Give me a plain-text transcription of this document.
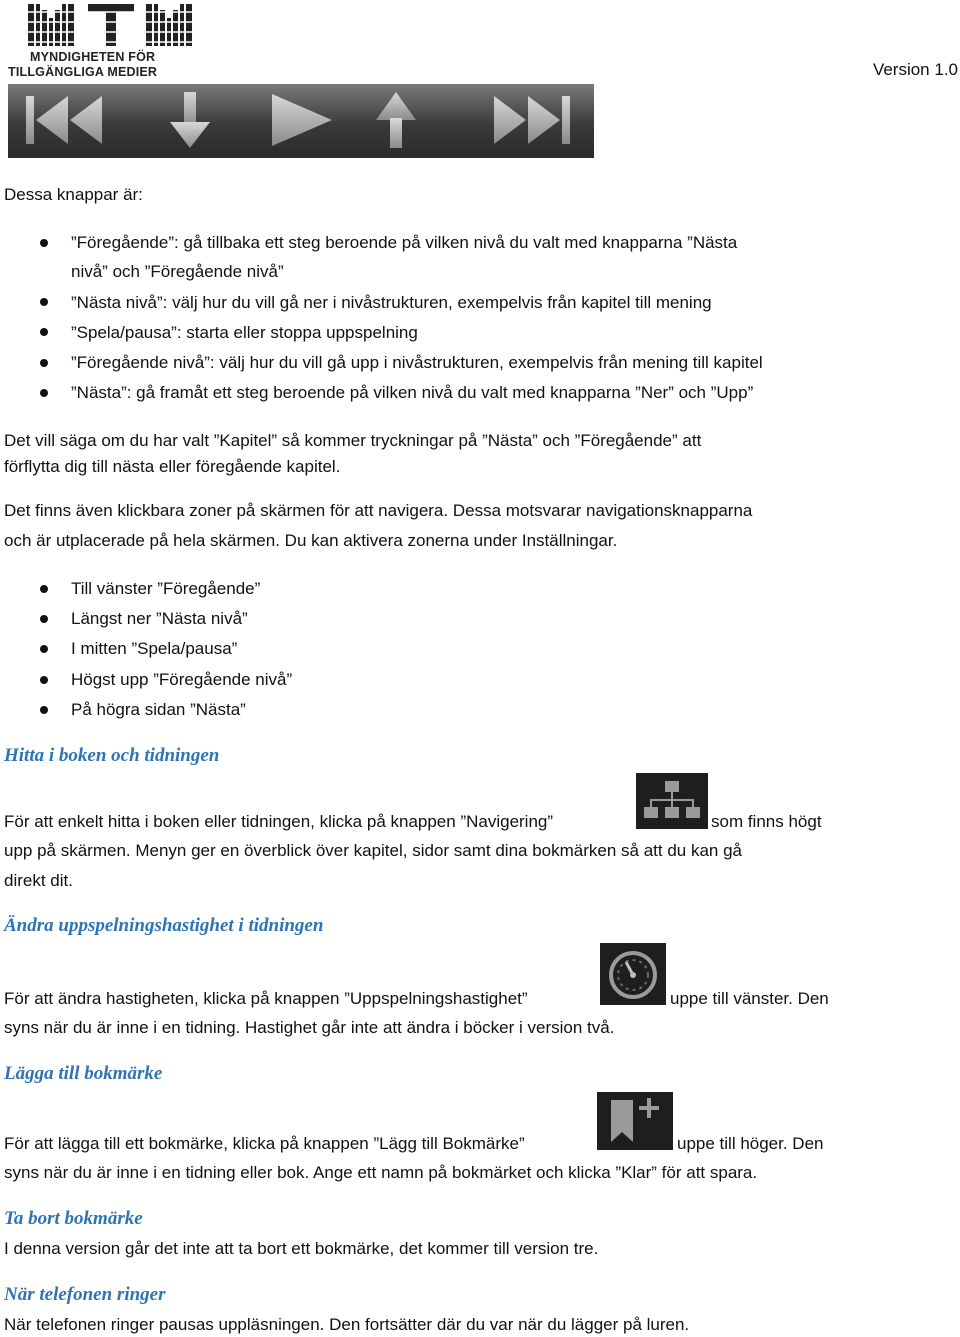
MYNDIGHETEN FÖR
TILLGÄNGLIGA MEDIER	Version 1.0
Dessa knappar är:
”Föregående”: gå tillbaka ett steg beroende på vilken nivå du valt med knapparna ”Nästa
nivå” och ”Föregående nivå”
”Nästa nivå”: välj hur du vill gå ner i nivåstrukturen, exempelvis från kapitel till mening
”Spela/pausa”: starta eller stoppa uppspelning
”Föregående nivå”: välj hur du vill gå upp i nivåstrukturen, exempelvis från mening till kapitel
”Nästa”: gå framåt ett steg beroende på vilken nivå du valt med knapparna ”Ner” och ”Upp”
Det vill säga om du har valt ”Kapitel” så kommer tryckningar på ”Nästa” och ”Föregående” att
förflytta dig till nästa eller föregående kapitel.
Det finns även klickbara zoner på skärmen för att navigera. Dessa motsvarar navigationsknapparna
och är utplacerade på hela skärmen. Du kan aktivera zonerna under Inställningar.
Till vänster ”Föregående”
Längst ner ”Nästa nivå”
I mitten ”Spela/pausa”
Högst upp ”Föregående nivå”
På högra sidan ”Nästa”
Hitta i boken och tidningen
För att enkelt hitta i boken eller tidningen, klicka på knappen ”Navigering”	som finns högt
upp på skärmen. Menyn ger en överblick över kapitel, sidor samt dina bokmärken så att du kan gå
direkt dit.
Ändra uppspelningshastighet i tidningen
För att ändra hastigheten, klicka på knappen ”Uppspelningshastighet”	uppe till vänster. Den
syns när du är inne i en tidning. Hastighet går inte att ändra i böcker i version två.
Lägga till bokmärke
För att lägga till ett bokmärke, klicka på knappen ”Lägg till Bokmärke”	uppe till höger. Den
syns när du är inne i en tidning eller bok. Ange ett namn på bokmärket och klicka ”Klar” för att spara.
Ta bort bokmärke
I denna version går det inte att ta bort ett bokmärke, det kommer till version tre.
När telefonen ringer
När telefonen ringer pausas uppläsningen. Den fortsätter där du var när du lägger på luren.
